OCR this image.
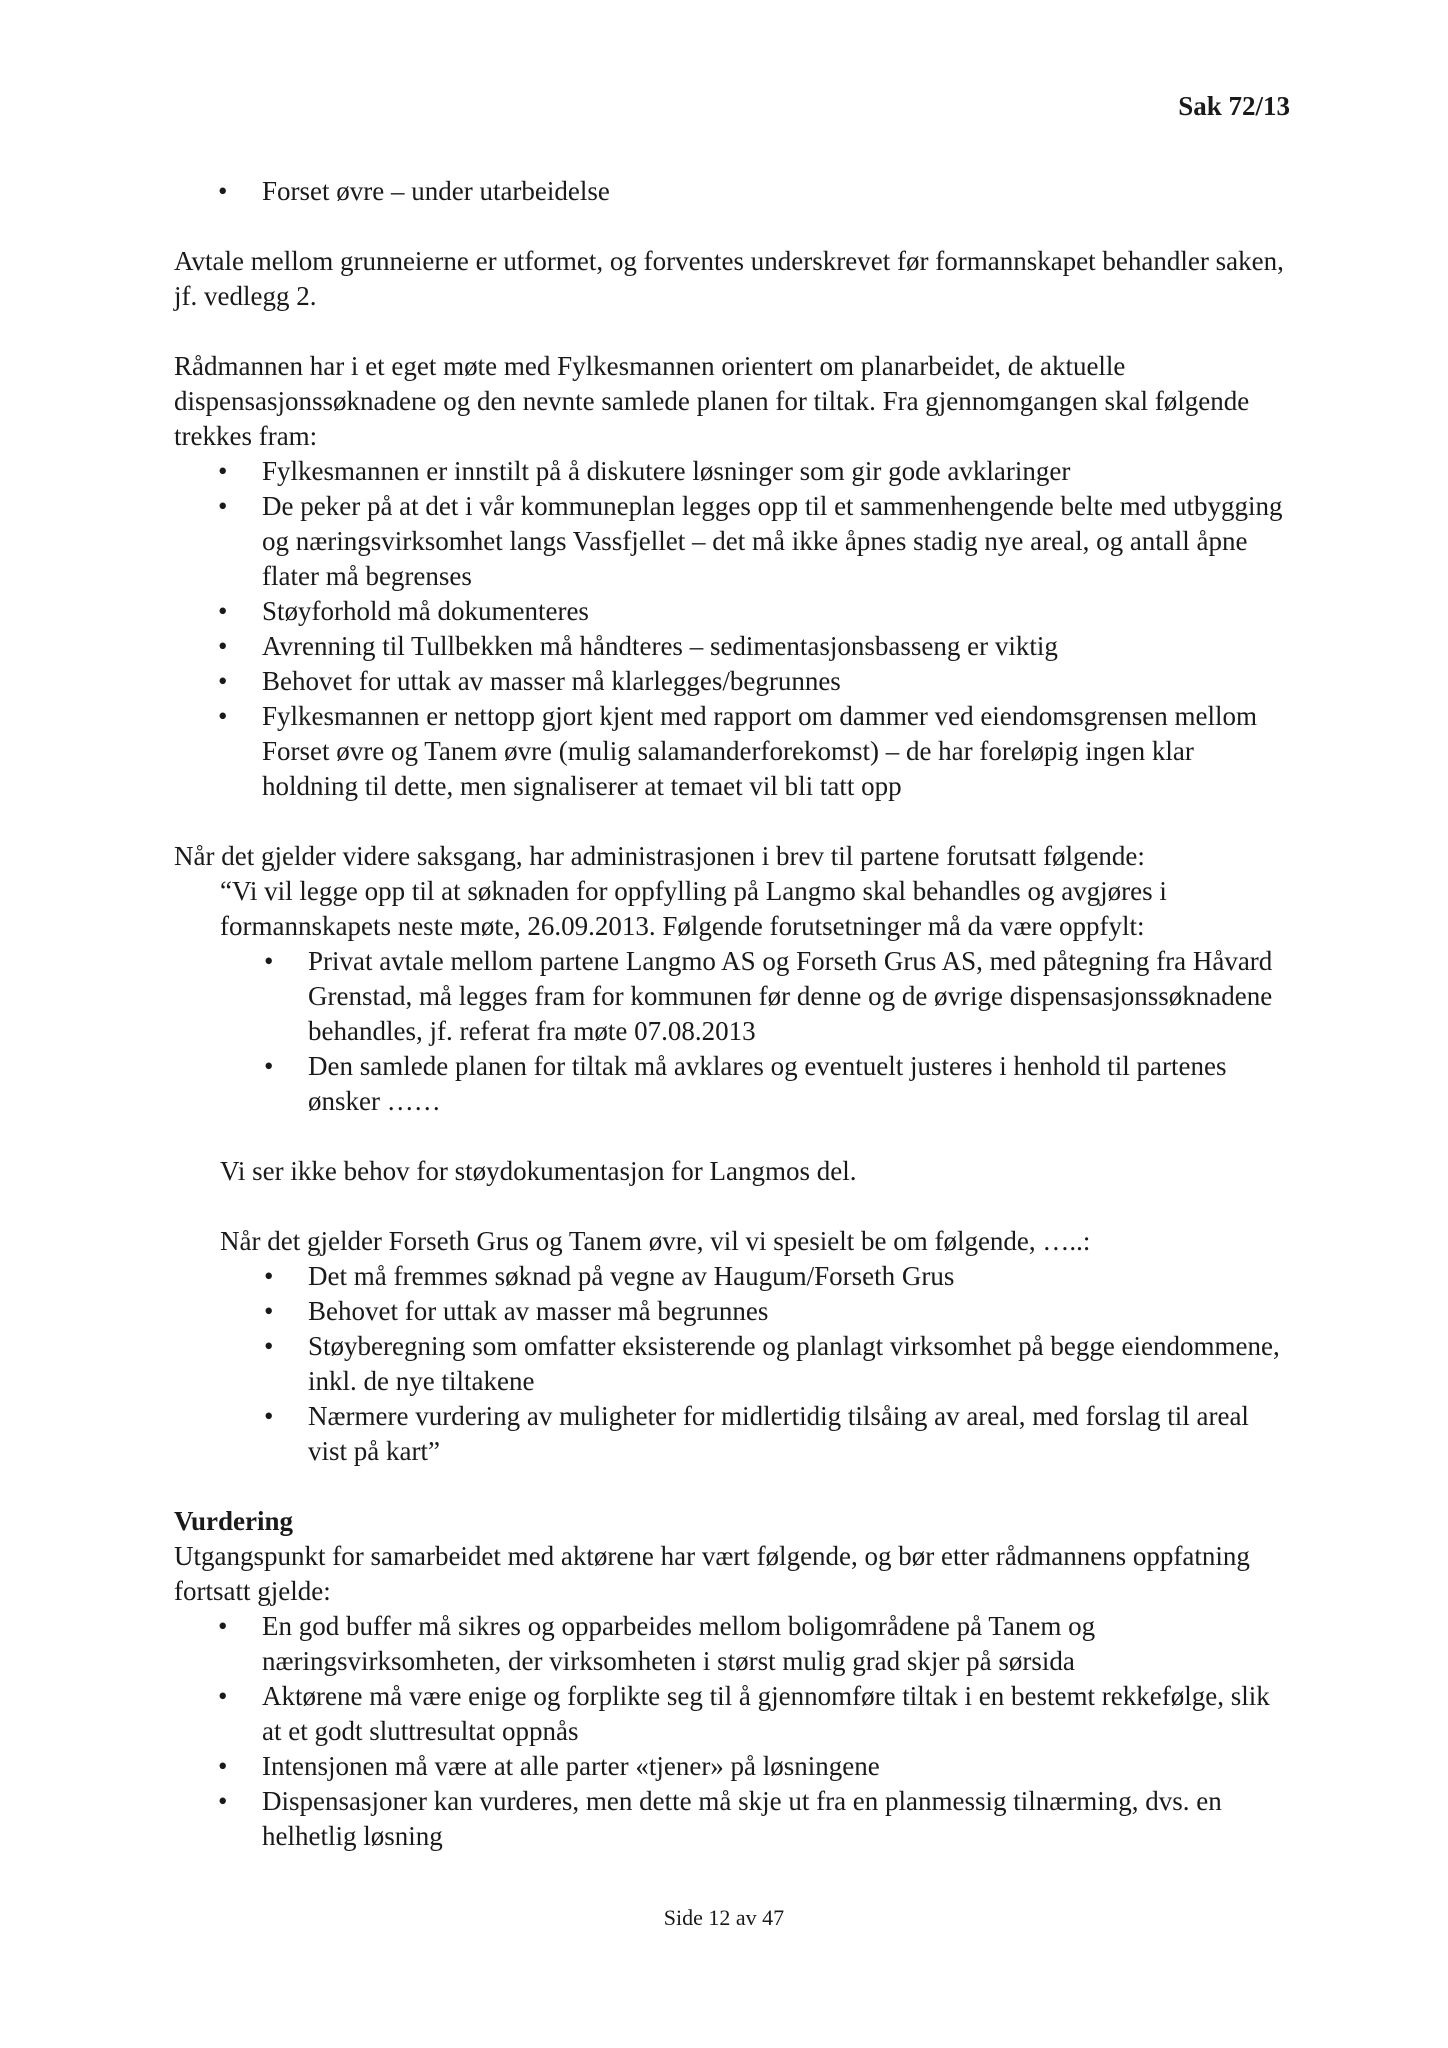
Sak 72/13
• Forset øvre – under utarbeidelse

Avtale mellom grunneierne er utformet, og forventes underskrevet før formannskapet behandler saken, jf. vedlegg 2.

Rådmannen har i et eget møte med Fylkesmannen orientert om planarbeidet, de aktuelle dispensasjonssøknadene og den nevnte samlede planen for tiltak. Fra gjennomgangen skal følgende trekkes fram:

• Fylkesmannen er innstilt på å diskutere løsninger som gir gode avklaringer
• De peker på at det i vår kommuneplan legges opp til et sammenhengende belte med utbygging og næringsvirksomhet langs Vassfjellet – det må ikke åpnes stadig nye areal, og antall åpne flater må begrenses
• Støyforhold må dokumenteres
• Avrenning til Tullbekken må håndteres – sedimentasjonsbasseng er viktig
• Behovet for uttak av masser må klarlegges/begrunnes
• Fylkesmannen er nettopp gjort kjent med rapport om dammer ved eiendomsgrensen mellom Forset øvre og Tanem øvre (mulig salamanderforekomst) – de har foreløpig ingen klar holdning til dette, men signaliserer at temaet vil bli tatt opp

Når det gjelder videre saksgang, har administrasjonen i brev til partene forutsatt følgende:

“Vi vil legge opp til at søknaden for oppfylling på Langmo skal behandles og avgjøres i formannskapets neste møte, 26.09.2013. Følgende forutsetninger må da være oppfylt:

• Privat avtale mellom partene Langmo AS og Forseth Grus AS, med påtegning fra Håvard Grenstad, må legges fram for kommunen før denne og de øvrige dispensasjonssøknadene behandles, jf. referat fra møte 07.08.2013
• Den samlede planen for tiltak må avklares og eventuelt justeres i henhold til partenes ønsker ……

Vi ser ikke behov for støydokumentasjon for Langmos del.

Når det gjelder Forseth Grus og Tanem øvre, vil vi spesielt be om følgende, …..:

• Det må fremmes søknad på vegne av Haugum/Forseth Grus
• Behovet for uttak av masser må begrunnes
• Støyberegning som omfatter eksisterende og planlagt virksomhet på begge eiendommene, inkl. de nye tiltakene
• Nærmere vurdering av muligheter for midlertidig tilsåing av areal, med forslag til areal vist på kart”

Vurdering

Utgangspunkt for samarbeidet med aktørene har vært følgende, og bør etter rådmannens oppfatning fortsatt gjelde:

• En god buffer må sikres og opparbeides mellom boligområdene på Tanem og næringsvirksomheten, der virksomheten i størst mulig grad skjer på sørsida
• Aktørene må være enige og forplikte seg til å gjennomføre tiltak i en bestemt rekkefølge, slik at et godt sluttresultat oppnås
• Intensjonen må være at alle parter «tjener» på løsningene
• Dispensasjoner kan vurderes, men dette må skje ut fra en planmessig tilnærming, dvs. en helhetlig løsning
Side 12 av 47
